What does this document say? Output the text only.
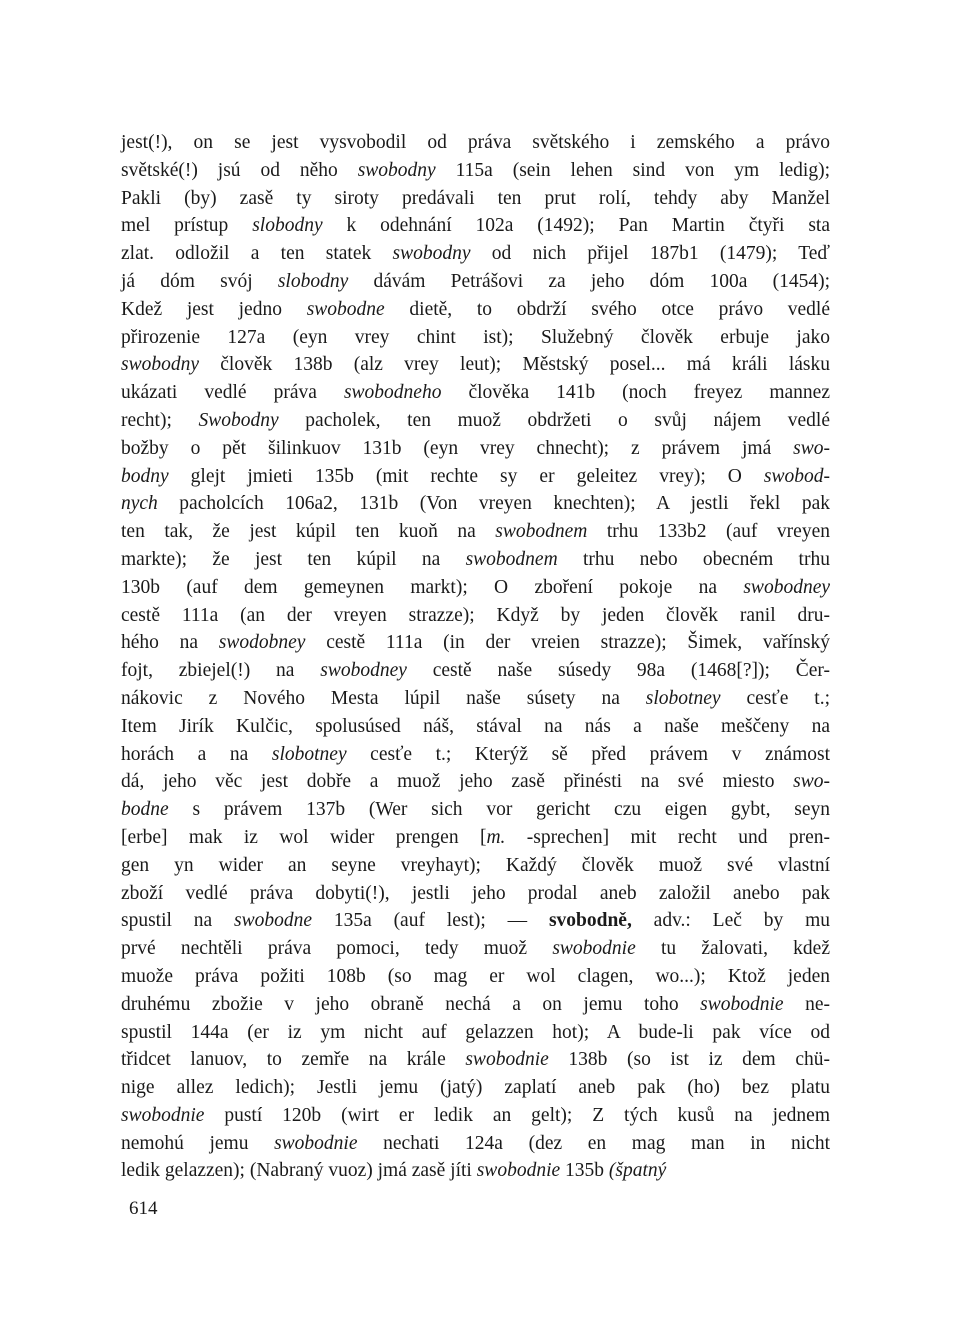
jest(!), on se jest vysvobodil od práva světského i zemského a právo
světské(!) jsú od něho swobodny 115a (sein lehen sind von ym ledig);
Pakli (by) zasě ty siroty predávali ten prut rolí, tehdy aby Manžel
mel prístup slobodny k odehnání 102a (1492); Pan Martin čtyři sta
zlat. odložil a ten statek swobodny od nich přijel 187b1 (1479); Teď
já dóm svój slobodny dávám Petrášovi za jeho dóm 100a (1454);
Kdež jest jedno swobodne dietě, to obdrží svého otce právo vedlé
přirozenie 127a (eyn vrey chint ist); Služebný člověk erbuje jako
swobodny člověk 138b (alz vrey leut); Městský posel... má králi lásku
ukázati vedlé práva swobodneho člověka 141b (noch freyez mannez
recht); Swobodny pacholek, ten muož obdržeti o svůj nájem vedlé
božby o pět šilinkuov 131b (eyn vrey chnecht); z právem jmá swo-
bodny glejt jmieti 135b (mit rechte sy er geleitez vrey); O swobod-
nych pacholcích 106a2, 131b (Von vreyen knechten); A jestli řekl pak
ten tak, že jest kúpil ten kuoň na swobodnem trhu 133b2 (auf vreyen
markte); že jest ten kúpil na swobodnem trhu nebo obecném trhu
130b (auf dem gemeynen markt); O zboření pokoje na swobodney
cestě 111a (an der vreyen strazze); Když by jeden člověk ranil dru-
hého na swodobney cestě 111a (in der vreien strazze); Šimek, vařínský
fojt, zbiejel(!) na swobodney cestě naše súsedy 98a (1468[?]); Čer-
nákovic z Nového Mesta lúpil naše súsety na slobotney cesťe t.;
Item Jirík Kulčic, spolusúsed náš, stával na nás a naše meščeny na
horách a na slobotney cesťe t.; Kterýž sě před právem v známost
dá, jeho věc jest dobře a muož jeho zasě přinésti na své miesto swo-
bodne s právem 137b (Wer sich vor gericht czu eigen gybt, seyn
[erbe] mak iz wol wider prengen [m. -sprechen] mit recht und pren-
gen yn wider an seyne vreyhayt); Každý člověk muož své vlastní
zboží vedlé práva dobyti(!), jestli jeho prodal aneb založil anebo pak
spustil na swobodne 135a (auf lest); — svobodně, adv.: Leč by mu
prvé nechtěli práva pomoci, tedy muož swobodnie tu žalovati, kdež
muože práva požiti 108b (so mag er wol clagen, wo...); Ktož jeden
druhému zbožie v jeho obraně nechá a on jemu toho swobodnie ne-
spustil 144a (er iz ym nicht auf gelazzen hot); A bude-li pak více od
třidcet lanuov, to zemře na krále swobodnie 138b (so ist iz dem chü-
nige allez ledich); Jestli jemu (jatý) zaplatí aneb pak (ho) bez platu
swobodnie pustí 120b (wirt er ledik an gelt); Z tých kusů na jednem
nemohú jemu swobodnie nechati 124a (dez en mag man in nicht
ledik gelazzen); (Nabraný vuoz) jmá zasě jíti swobodnie 135b (špatný
614
